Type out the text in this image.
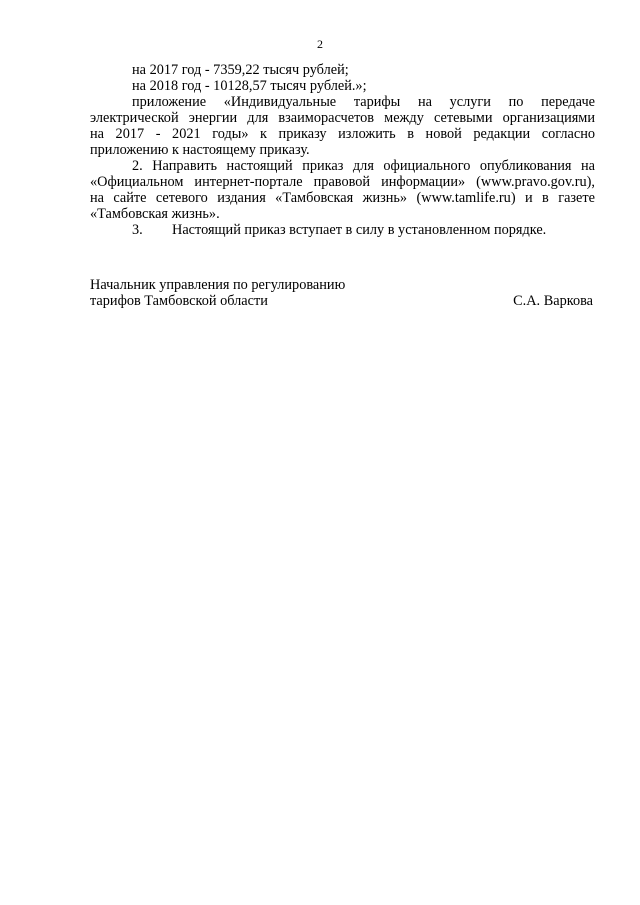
2
на 2017 год - 7359,22 тысяч рублей;
на 2018 год - 10128,57 тысяч рублей.»;
приложение «Индивидуальные тарифы на услуги по передаче
электрической энергии для взаиморасчетов между сетевыми организациями
на 2017 - 2021 годы» к приказу изложить в новой редакции согласно
приложению к настоящему приказу.
2. Направить настоящий приказ для официального опубликования на
«Официальном интернет-портале правовой информации» (www.pravo.gov.ru),
на сайте сетевого издания «Тамбовская жизнь» (www.tamlife.ru) и в газете
«Тамбовская жизнь».
3. Настоящий приказ вступает в силу в установленном порядке.
Начальник управления по регулированию
тарифов Тамбовской области	С.А. Варкова
